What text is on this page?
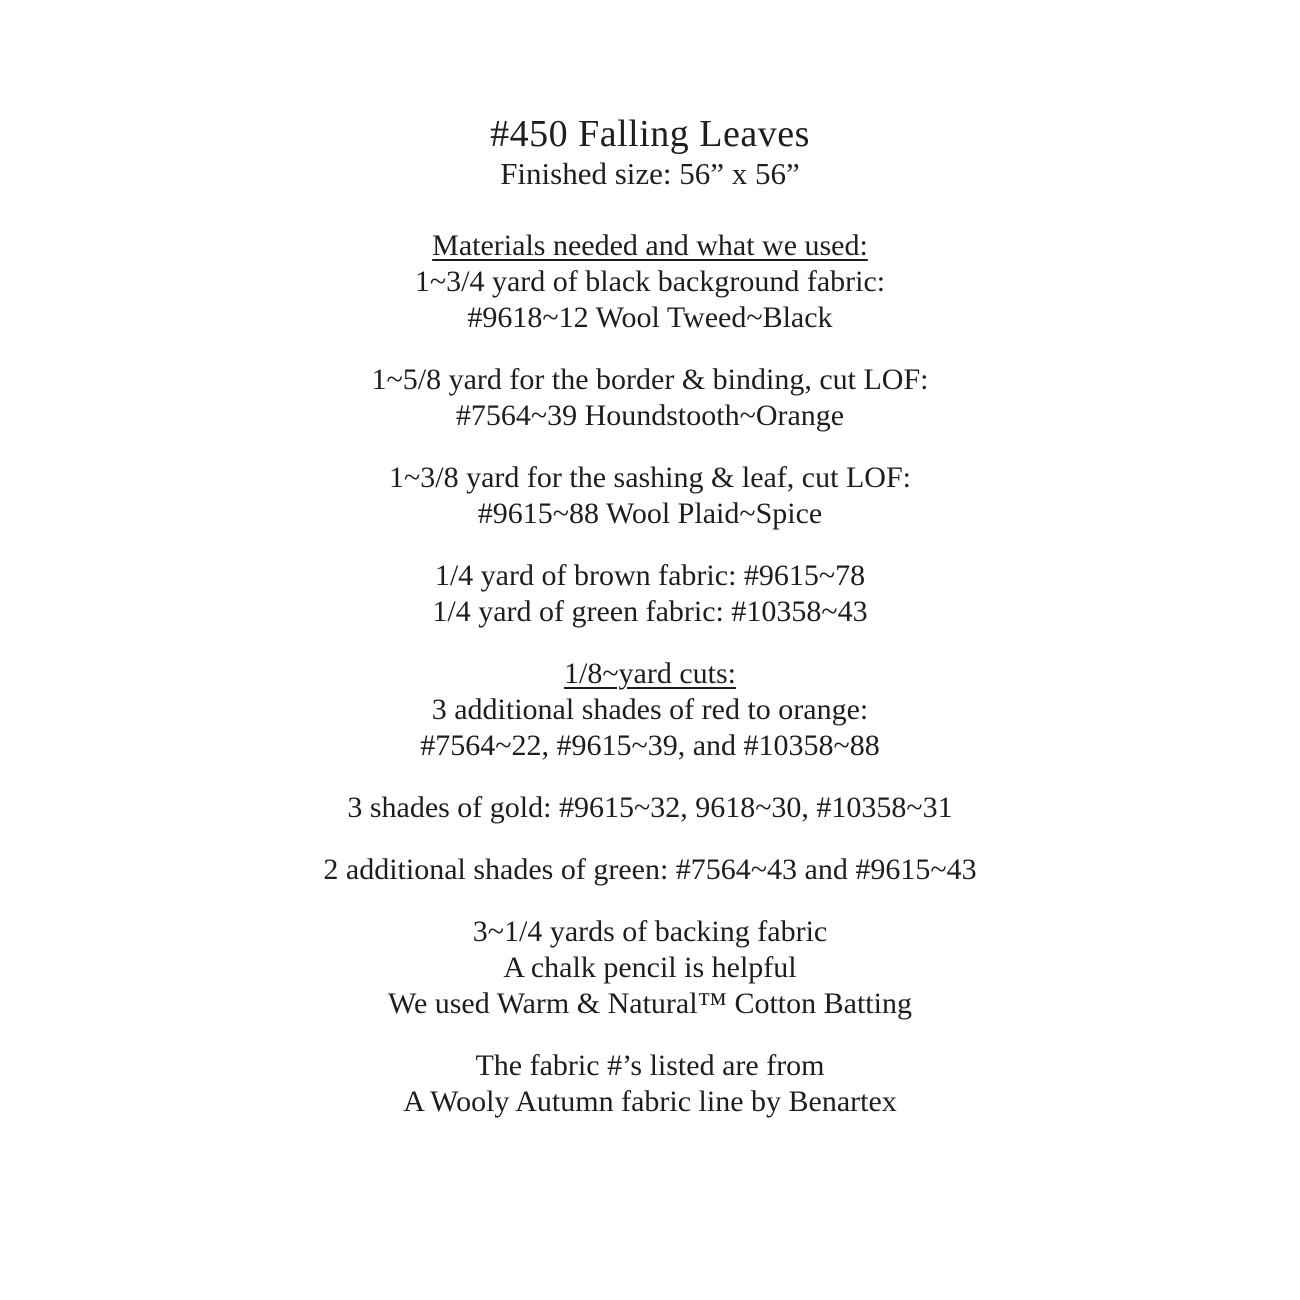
#450 Falling Leaves
Finished size: 56” x 56”
Materials needed and what we used:
1~3/4 yard of black background fabric:
#9618~12 Wool Tweed~Black
1~5/8 yard for the border & binding, cut LOF:
#7564~39 Houndstooth~Orange
1~3/8 yard for the sashing & leaf, cut LOF:
#9615~88 Wool Plaid~Spice
1/4 yard of brown fabric: #9615~78
1/4 yard of green fabric: #10358~43
1/8~yard cuts:
3 additional shades of red to orange:
#7564~22, #9615~39, and #10358~88
3 shades of gold: #9615~32, 9618~30, #10358~31
2 additional shades of green: #7564~43 and #9615~43
3~1/4 yards of backing fabric
A chalk pencil is helpful
We used Warm & Natural™ Cotton Batting
The fabric #’s listed are from
A Wooly Autumn fabric line by Benartex
